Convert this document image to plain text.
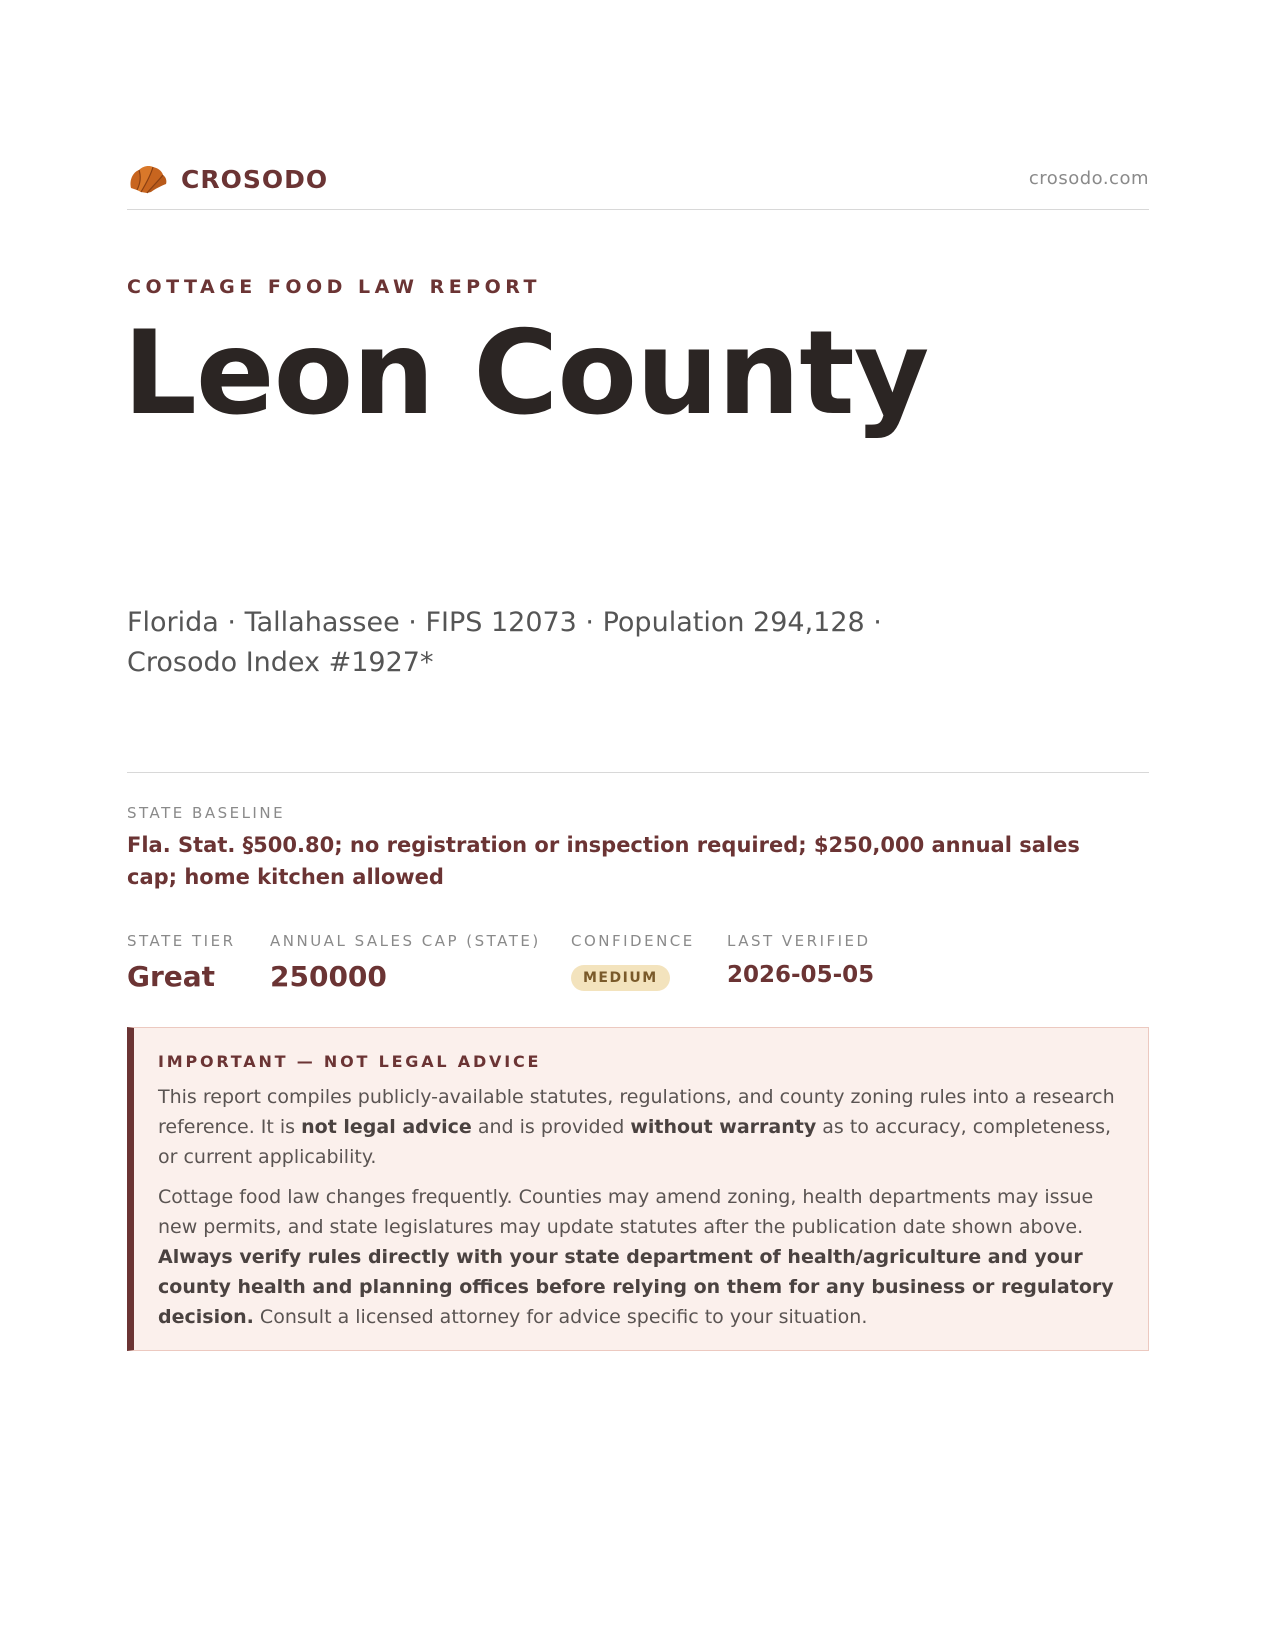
CROSODO	crosodo.com
COTTAGE FOOD LAW REPORT
Leon County
Florida · Tallahassee · FIPS 12073 · Population 294,128 · Crosodo Index #1927*
STATE BASELINE
Fla. Stat. §500.80; no registration or inspection required; $250,000 annual sales cap; home kitchen allowed
STATE TIER
Great
ANNUAL SALES CAP (STATE)
250000
CONFIDENCE
MEDIUM
LAST VERIFIED
2026-05-05
IMPORTANT — NOT LEGAL ADVICE

This report compiles publicly-available statutes, regulations, and county zoning rules into a research reference. It is not legal advice and is provided without warranty as to accuracy, completeness, or current applicability.

Cottage food law changes frequently. Counties may amend zoning, health departments may issue new permits, and state legislatures may update statutes after the publication date shown above. Always verify rules directly with your state department of health/agriculture and your county health and planning offices before relying on them for any business or regulatory decision. Consult a licensed attorney for advice specific to your situation.
